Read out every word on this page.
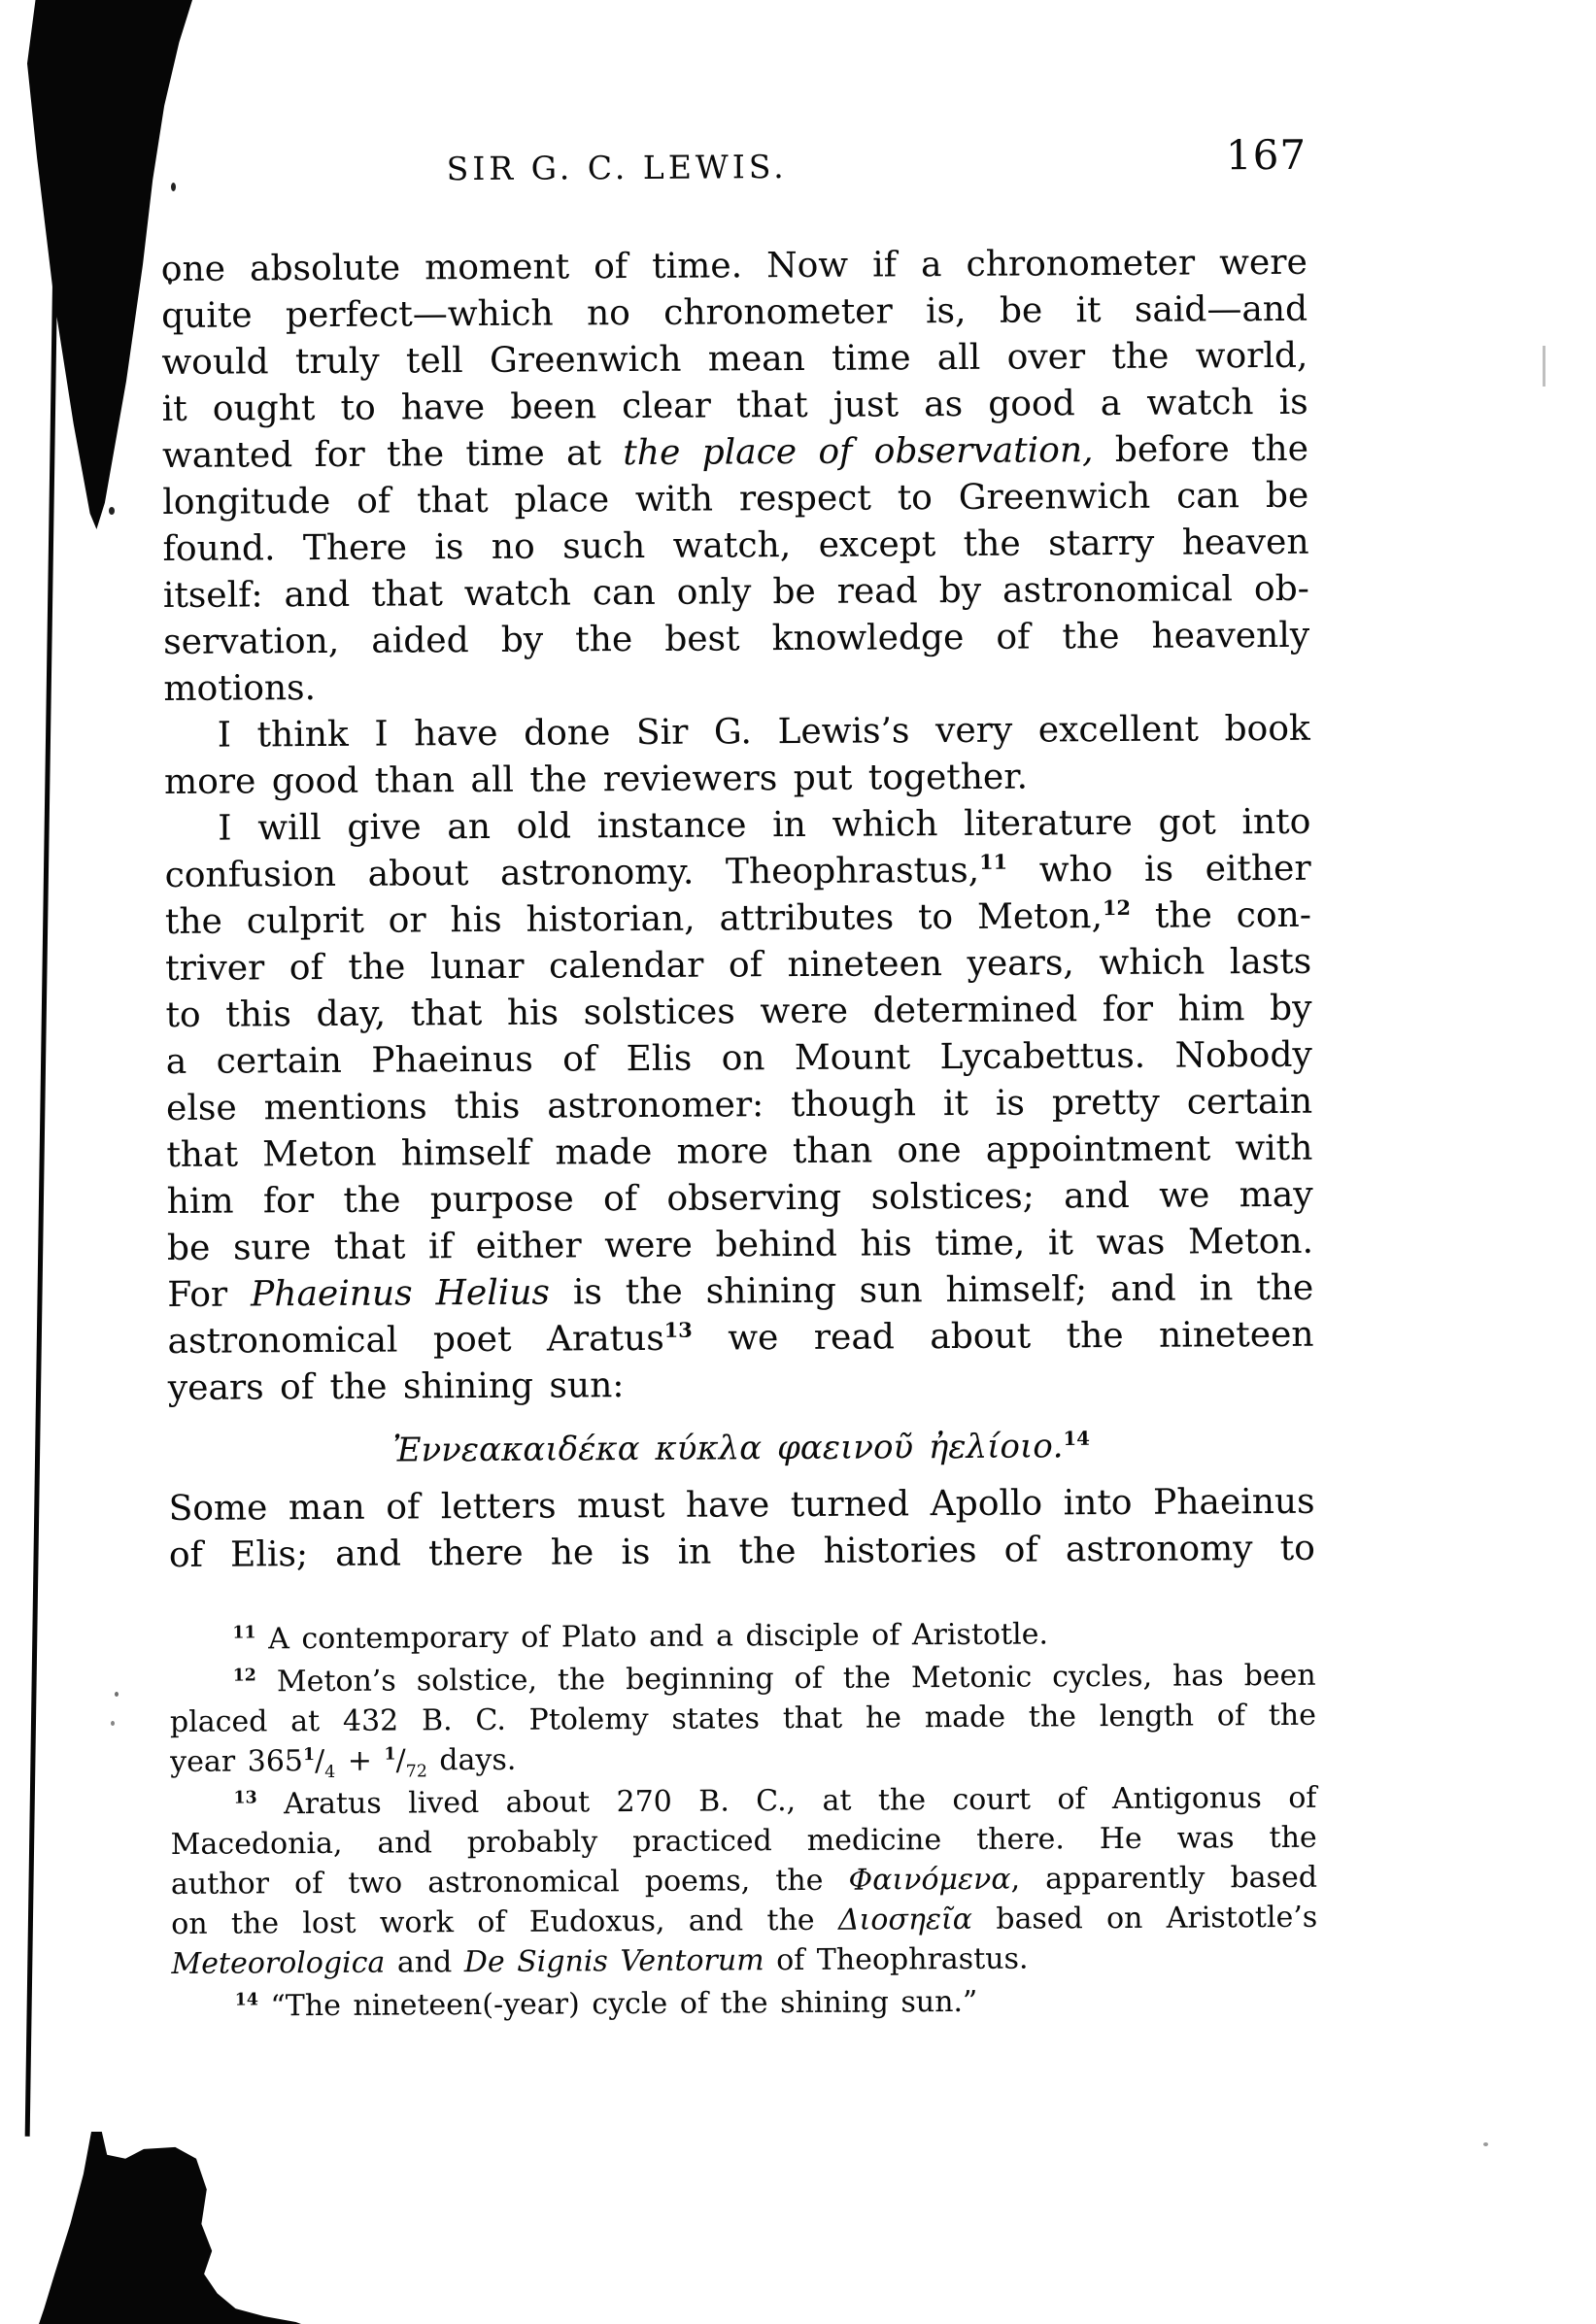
SIR G. C. LEWIS.	167
one absolute moment of time. Now if a chronometer were
quite perfect—which no chronometer is, be it said—and
would truly tell Greenwich mean time all over the world,
it ought to have been clear that just as good a watch is
wanted for the time at the place of observation, before the
longitude of that place with respect to Greenwich can be
found. There is no such watch, except the starry heaven
itself: and that watch can only be read by astronomical ob-
servation, aided by the best knowledge of the heavenly
motions.
I think I have done Sir G. Lewis’s very excellent book
more good than all the reviewers put together.
I will give an old instance in which literature got into
confusion about astronomy. Theophrastus,$^{11}$ who is either
the culprit or his historian, attributes to Meton,$^{12}$ the con-
triver of the lunar calendar of nineteen years, which lasts
to this day, that his solstices were determined for him by
a certain Phaeinus of Elis on Mount Lycabettus. Nobody
else mentions this astronomer: though it is pretty certain
that Meton himself made more than one appointment with
him for the purpose of observing solstices; and we may
be sure that if either were behind his time, it was Meton.
For Phaeinus Helius is the shining sun himself; and in the
astronomical poet Aratus$^{13}$ we read about the nineteen
years of the shining sun:
Ἐννεακαιδέκα κύκλα φαεινοῦ ἠελίοιο.$^{14}$
Some man of letters must have turned Apollo into Phaeinus
of Elis; and there he is in the histories of astronomy to
$^{11}$ A contemporary of Plato and a disciple of Aristotle.
$^{12}$ Meton’s solstice, the beginning of the Metonic cycles, has been
placed at 432 B. C. Ptolemy states that he made the length of the
year $365^1/_4 + ^1/_{72}$ days.
$^{13}$ Aratus lived about 270 B. C., at the court of Antigonus of
Macedonia, and probably practiced medicine there. He was the
author of two astronomical poems, the Φαινόμενα, apparently based
on the lost work of Eudoxus, and the Διοσηεῖα based on Aristotle’s
Meteorologica and De Signis Ventorum of Theophrastus.
$^{14}$ “The nineteen(-year) cycle of the shining sun.”
